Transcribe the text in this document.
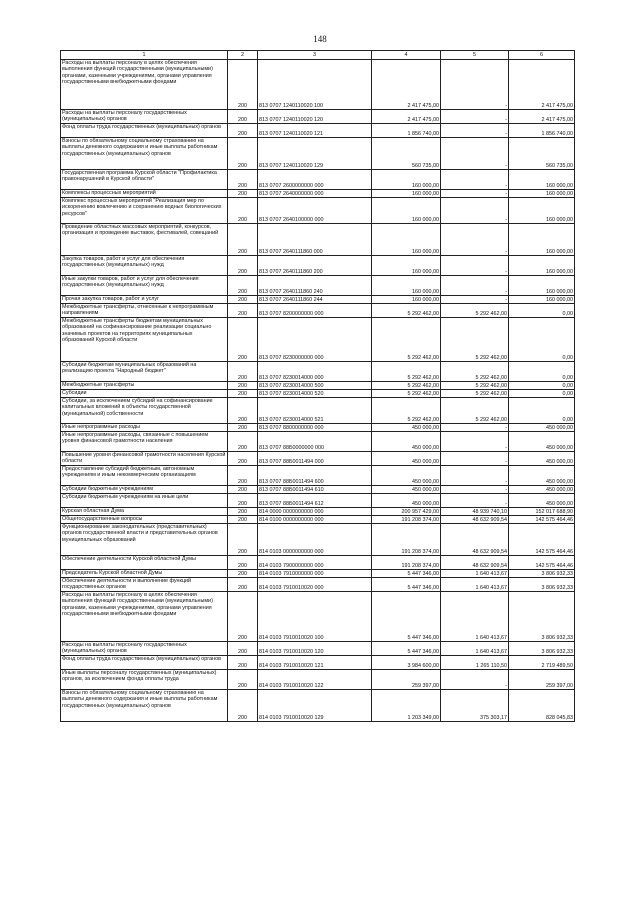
148
1	2	3	4	5	6
Расходы на выплаты персоналу в целях обеспечения выполнения функций государственными (муниципальными) органами, казенными учреждениями, органами управления государственными внебюджетными фондами	200	813 0707 1240110020 100	2 417 475,00	-	2 417 475,00
Расходы на выплаты персоналу государственных (муниципальных) органов	200	813 0707 1240110020 120	2 417 475,00	-	2 417 475,00
Фонд оплаты труда государственных (муниципальных) органов	200	813 0707 1240110020 121	1 856 740,00	-	1 856 740,00
Взносы по обязательному социальному страхованию на выплаты денежного содержания и иные выплаты работникам государственных (муниципальных) органов	200	813 0707 1240110020 129	560 735,00	-	560 735,00
Государственная программа Курской области "Профилактика правонарушений в Курской области"	200	813 0707 2600000000 000	160 000,00	-	160 000,00
Комплексы процессных мероприятий	200	813 0707 2640000000 000	160 000,00	-	160 000,00
Комплекс процессных мероприятий "Реализация мер по искоренению вовлечению и сохранению водных биологических ресурсов"	200	813 0707 2640100000 000	160 000,00	-	160 000,00
Проведение областных массовых мероприятий, конкурсов, организация и проведение выставок, фестивалей, совещаний	200	813 0707 2640111860 000	160 000,00	-	160 000,00
Закупка товаров, работ и услуг для обеспечения государственных (муниципальных) нужд	200	813 0707 2640111860 200	160 000,00	-	160 000,00
Иные закупки товаров, работ и услуг для обеспечения государственных (муниципальных) нужд	200	813 0707 2640111860 240	160 000,00	-	160 000,00
Прочая закупка товаров, работ и услуг	200	813 0707 2640111860 244	160 000,00	-	160 000,00
Межбюджетные трансферты, отнесенные к непрограммным направлениям	200	813 0707 8200000000 000	5 292 462,00	5 292 462,00	0,00
Межбюджетные трансферты бюджетам муниципальных образований на софинансирование реализации социально значимых проектов на территориях муниципальных образований Курской области	200	813 0707 8230000000 000	5 292 462,00	5 292 462,00	0,00
Субсидии бюджетам муниципальных образований на реализацию проекта "Народный бюджет"	200	813 0707 8230014000 000	5 292 462,00	5 292 462,00	0,00
Межбюджетные трансферты	200	813 0707 8230014000 500	5 292 462,00	5 292 462,00	0,00
Субсидии	200	813 0707 8230014000 520	5 292 462,00	5 292 462,00	0,00
Субсидии, за исключением субсидий на софинансирование капитальных вложений в объекты государственной (муниципальной) собственности	200	813 0707 8230014000 521	5 292 462,00	5 292 462,00	0,00
Иные непрограммные расходы	200	813 0707 8800000000 000	450 000,00	-	450 000,00
Иные непрограммные расходы, связанные с повышением уровня финансовой грамотности населения	200	813 0707 88Б0000000 000	450 000,00	-	450 000,00
Повышение уровня финансовой грамотности населения Курской области	200	813 0707 88Б0011494 000	450 000,00	-	450 000,00
Предоставление субсидий бюджетным, автономным учреждениям и иным некоммерческим организациям	200	813 0707 88Б0011494 600	450 000,00	-	450 000,00
Субсидии бюджетным учреждениям	200	813 0707 88Б0011494 610	450 000,00	-	450 000,00
Субсидии бюджетным учреждениям на иные цели	200	813 0707 88Б0011494 612	450 000,00	-	450 000,00
Курская областная Дума	200	814 0000 0000000000 000	200 957 429,00	48 939 740,10	152 017 688,90
Общегосударственные вопросы	200	814 0100 0000000000 000	191 208 374,00	48 632 909,54	142 575 464,46
Функционирование законодательных (представительных) органов государственной власти и представительных органов муниципальных образований	200	814 0103 0000000000 000	191 208 374,00	48 632 909,54	142 575 464,46
Обеспечение деятельности Курской областной Думы	200	814 0103 7900000000 000	191 208 374,00	48 632 909,54	142 575 464,46
Председатель Курской областной Думы	200	814 0103 7910000000 000	5 447 346,00	1 640 413,67	3 806 932,33
Обеспечение деятельности и выполнение функций государственных органов	200	814 0103 7910010020 000	5 447 346,00	1 640 413,67	3 806 932,33
Расходы на выплаты персоналу в целях обеспечения выполнения функций государственными (муниципальными) органами, казенными учреждениями, органами управления государственными внебюджетными фондами	200	814 0103 7910010020 100	5 447 346,00	1 640 413,67	3 806 932,33
Расходы на выплаты персоналу государственных (муниципальных) органов	200	814 0103 7910010020 120	5 447 346,00	1 640 413,67	3 806 932,33
Фонд оплаты труда государственных (муниципальных) органов	200	814 0103 7910010020 121	3 984 600,00	1 265 110,50	2 719 489,50
Иные выплаты персоналу государственных (муниципальных) органов, за исключением фонда оплаты труда	200	814 0103 7910010020 122	259 397,00	-	259 397,00
Взносы по обязательному социальному страхованию на выплаты денежного содержания и иные выплаты работникам государственных (муниципальных) органов	200	814 0103 7910010020 129	1 203 349,00	375 303,17	828 045,83
